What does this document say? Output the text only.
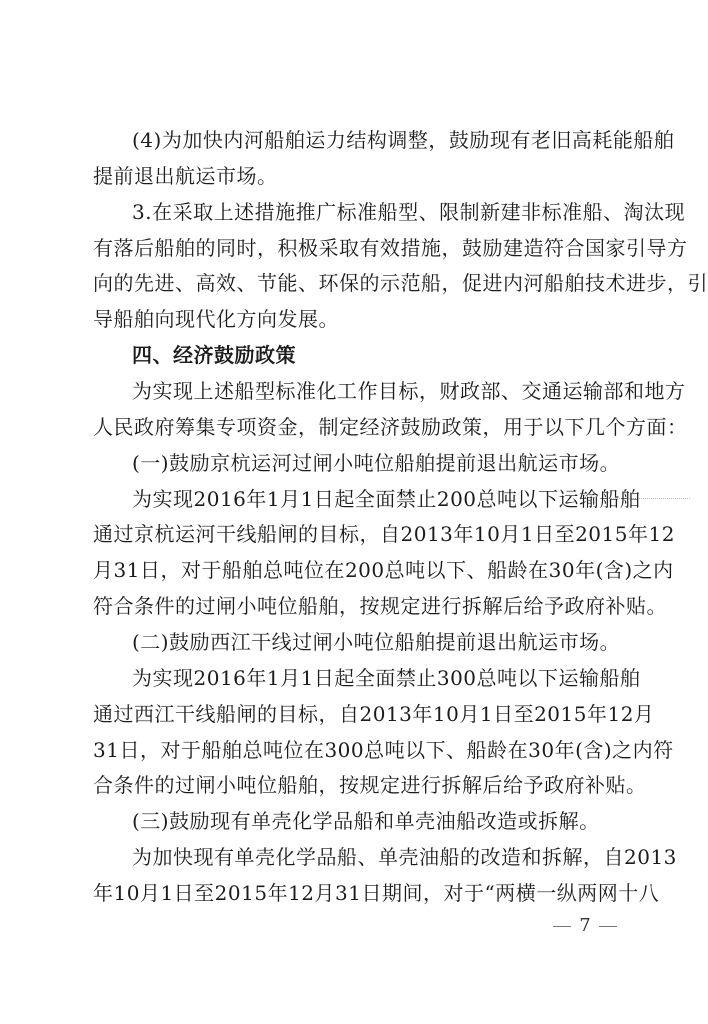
7
(4)为加快内河船舶运力结构调整，鼓励现有老旧高耗能船舶
提前退出航运市场。
3.在采取上述措施推广标准船型、限制新建非标准船、淘汰现
有落后船舶的同时，积极采取有效措施，鼓励建造符合国家引导方
向的先进、高效、节能、环保的示范船，促进内河船舶技术进步，引
导船舶向现代化方向发展。
四、经济鼓励政策
为实现上述船型标准化工作目标，财政部、交通运输部和地方
人民政府筹集专项资金，制定经济鼓励政策，用于以下几个方面：
(一)鼓励京杭运河过闸小吨位船舶提前退出航运市场。
为实现2016年1月1日起全面禁止200总吨以下运输船舶
通过京杭运河干线船闸的目标，自2013年10月1日至2015年12
月31日，对于船舶总吨位在200总吨以下、船龄在30年(含)之内
符合条件的过闸小吨位船舶，按规定进行拆解后给予政府补贴。
(二)鼓励西江干线过闸小吨位船舶提前退出航运市场。
为实现2016年1月1日起全面禁止300总吨以下运输船舶
通过西江干线船闸的目标，自2013年10月1日至2015年12月
31日，对于船舶总吨位在300总吨以下、船龄在30年(含)之内符
合条件的过闸小吨位船舶，按规定进行拆解后给予政府补贴。
(三)鼓励现有单壳化学品船和单壳油船改造或拆解。
为加快现有单壳化学品船、单壳油船的改造和拆解，自2013
年10月1日至2015年12月31日期间，对于“两横一纵两网十八
